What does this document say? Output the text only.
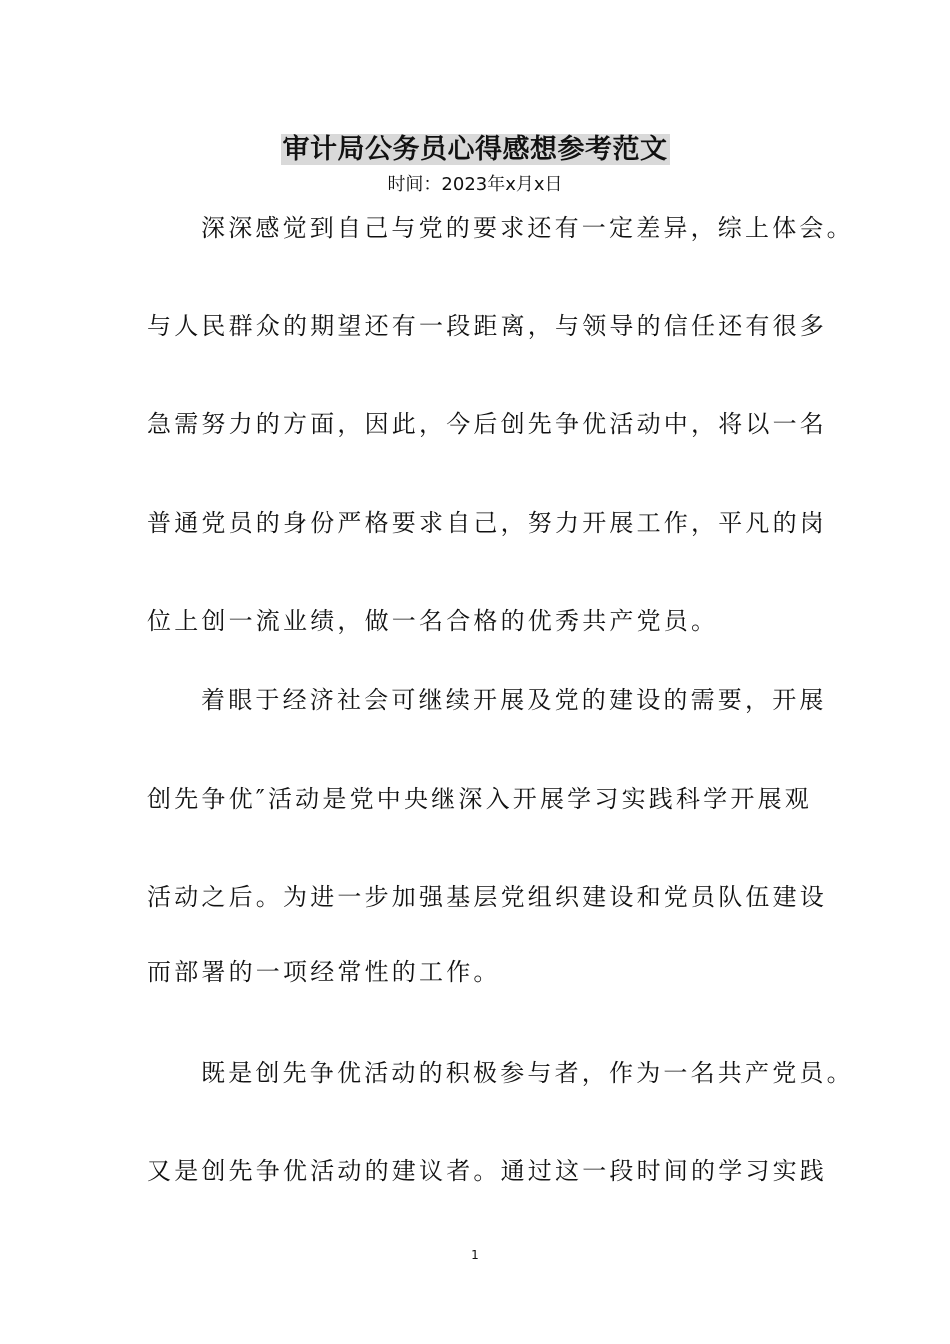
审计局公务员心得感想参考范文
时间：2023年x月x日
深深感觉到自己与党的要求还有一定差异，综上体会。
与人民群众的期望还有一段距离，与领导的信任还有很多
急需努力的方面，因此，今后创先争优活动中，将以一名
普通党员的身份严格要求自己，努力开展工作，平凡的岗
位上创一流业绩，做一名合格的优秀共产党员。
着眼于经济社会可继续开展及党的建设的需要，开展
创先争优″活动是党中央继深入开展学习实践科学开展观
活动之后。为进一步加强基层党组织建设和党员队伍建设
而部署的一项经常性的工作。
既是创先争优活动的积极参与者，作为一名共产党员。
又是创先争优活动的建议者。通过这一段时间的学习实践
1
